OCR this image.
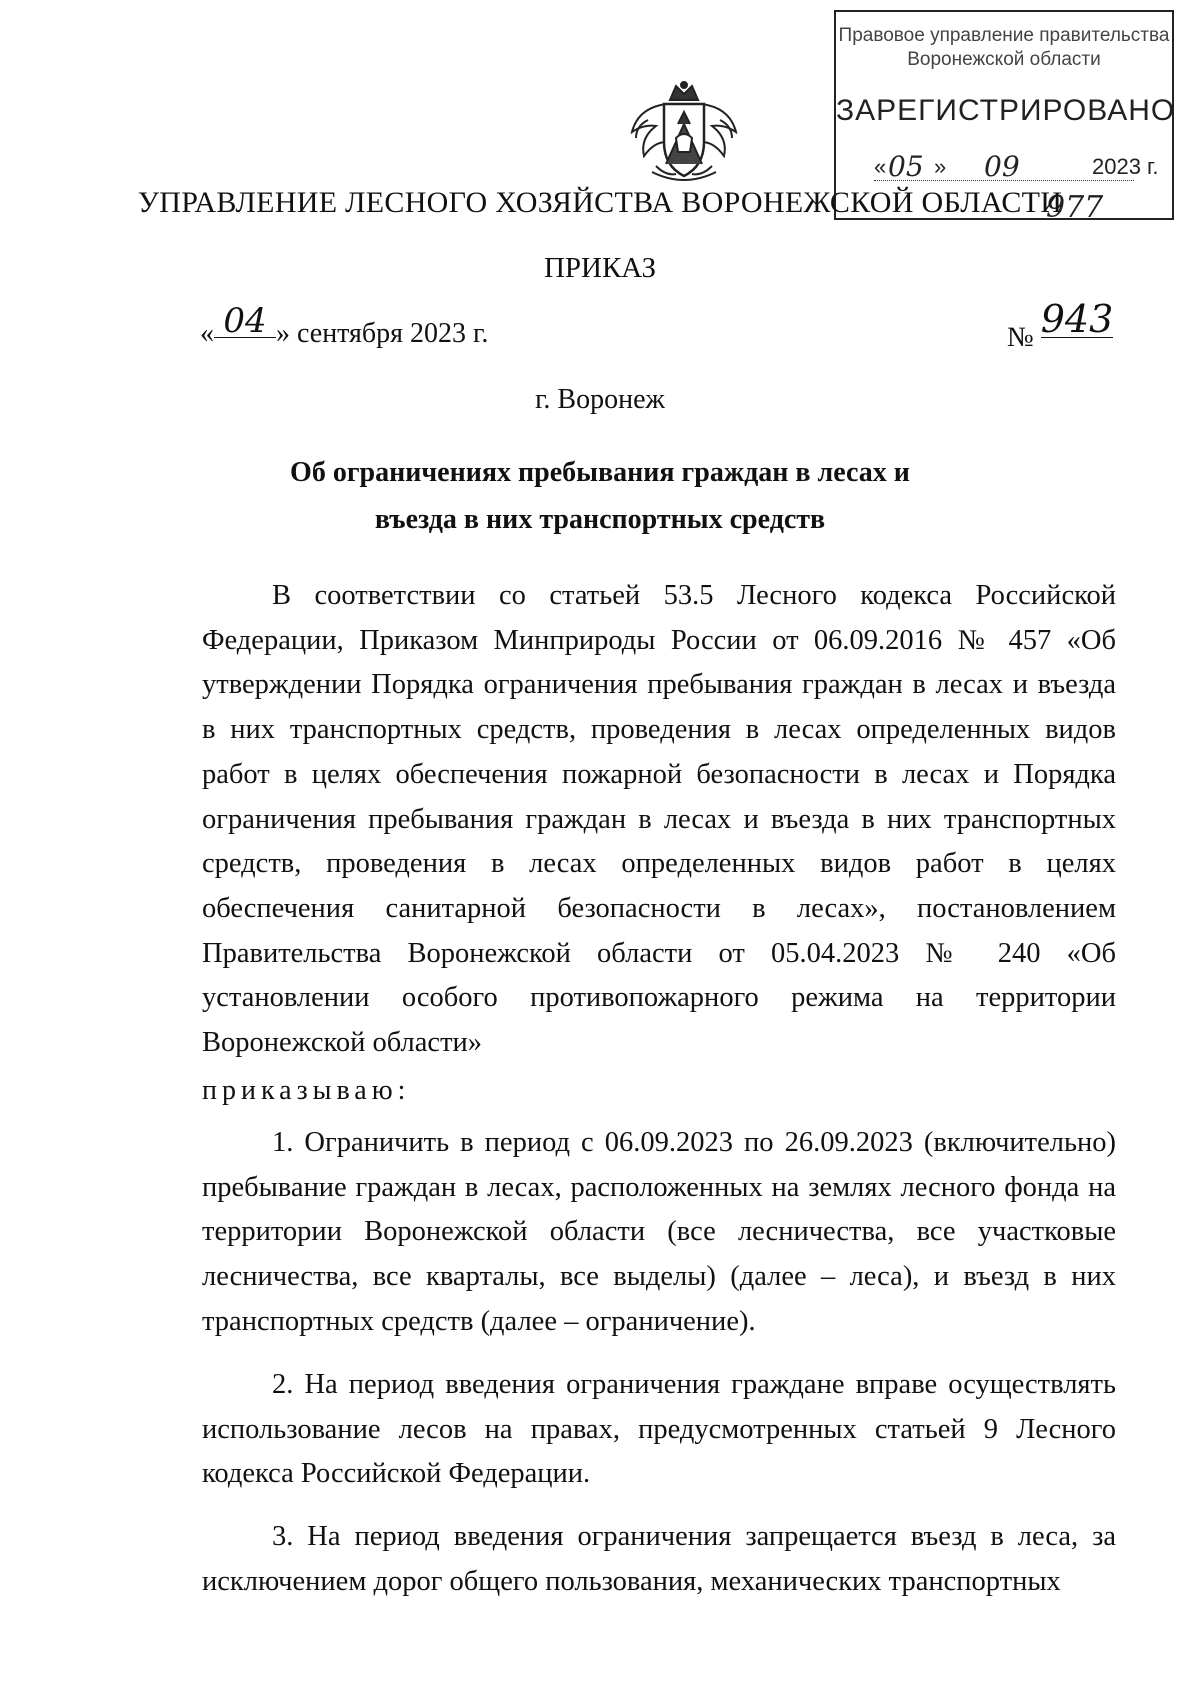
Правовое управление правительства
Воронежской области
ЗАРЕГИСТРИРОВАНО
« 05 » 09	2023 г.
977
УПРАВЛЕНИЕ ЛЕСНОГО ХОЗЯЙСТВА ВОРОНЕЖСКОЙ ОБЛАСТИ
ПРИКАЗ
« 04 » сентября 2023 г.	№ 943
г. Воронеж
Об ограничениях пребывания граждан в лесах и
въезда в них транспортных средств

В соответствии со статьей 53.5 Лесного кодекса Российской Федерации, Приказом Минприроды России от 06.09.2016 № 457 «Об утверждении Порядка ограничения пребывания граждан в лесах и въезда в них транспортных средств, проведения в лесах определенных видов работ в целях обеспечения пожарной безопасности в лесах и Порядка ограничения пребывания граждан в лесах и въезда в них транспортных средств, проведения в лесах определенных видов работ в целях обеспечения санитарной безопасности в лесах», постановлением Правительства Воронежской области от 05.04.2023 № 240 «Об установлении особого противопожарного режима на территории Воронежской области»

приказываю:

1. Ограничить в период с 06.09.2023 по 26.09.2023 (включительно) пребывание граждан в лесах, расположенных на землях лесного фонда на территории Воронежской области (все лесничества, все участковые лесничества, все кварталы, все выделы) (далее – леса), и въезд в них транспортных средств (далее – ограничение).

2. На период введения ограничения граждане вправе осуществлять использование лесов на правах, предусмотренных статьей 9 Лесного кодекса Российской Федерации.

3. На период введения ограничения запрещается въезд в леса, за исключением дорог общего пользования, механических транспортных
